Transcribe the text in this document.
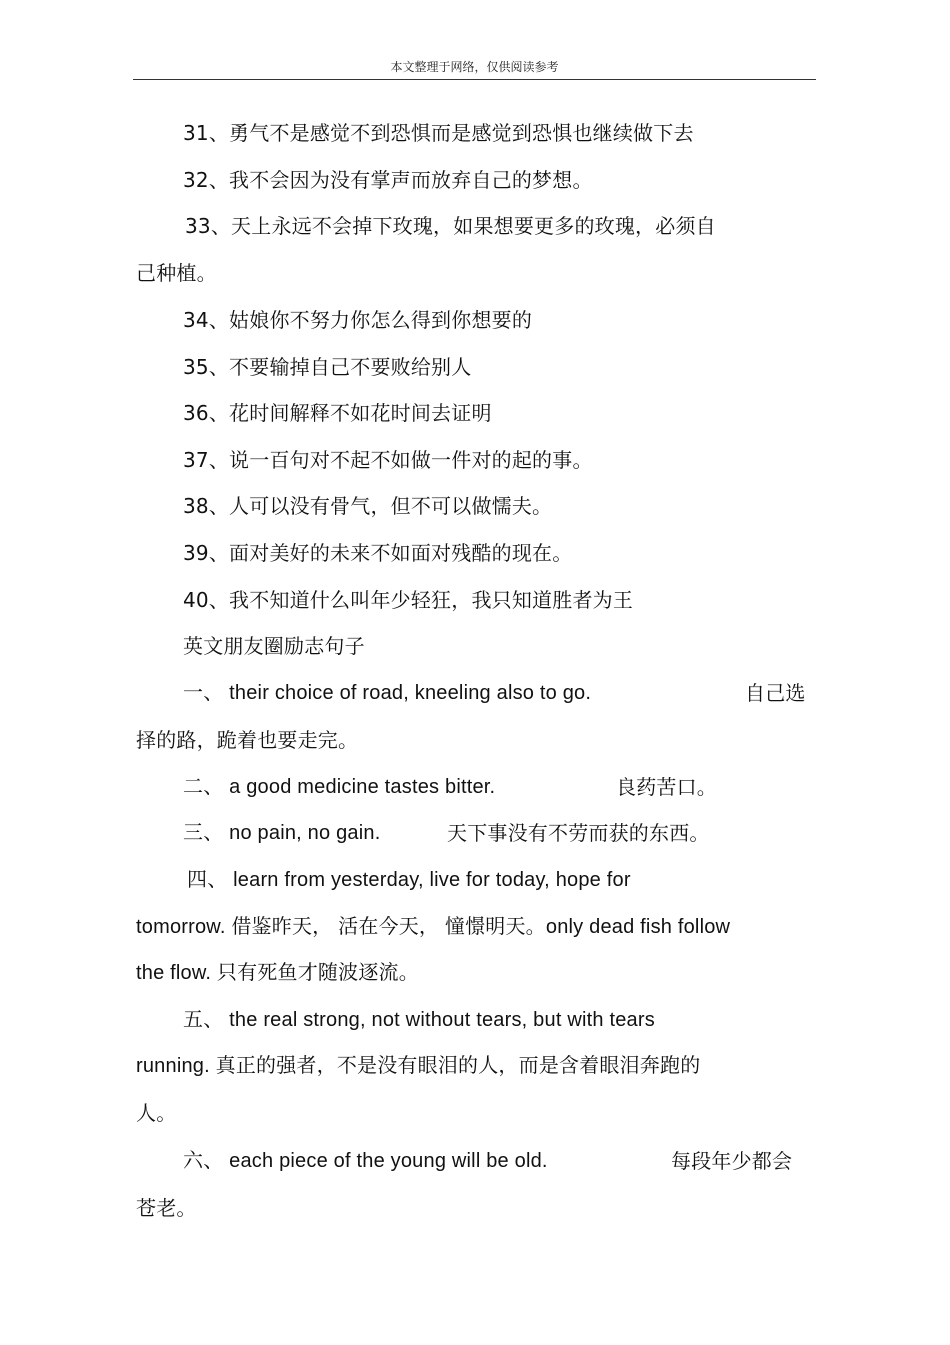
本文整理于网络，仅供阅读参考
31、勇气不是感觉不到恐惧而是感觉到恐惧也继续做下去
32、我不会因为没有掌声而放弃自己的梦想。
33、天上永远不会掉下玫瑰，如果想要更多的玫瑰，必须自
己种植。
34、姑娘你不努力你怎么得到你想要的
35、不要输掉自己不要败给别人
36、花时间解释不如花时间去证明
37、说一百句对不起不如做一件对的起的事。
38、人可以没有骨气，但不可以做懦夫。
39、面对美好的未来不如面对残酷的现在。
40、我不知道什么叫年少轻狂，我只知道胜者为王
英文朋友圈励志句子
一、 their choice of road, kneeling also to go.	自己选
择的路，跪着也要走完。
二、 a good medicine tastes bitter.	良药苦口。
三、 no pain, no gain.	天下事没有不劳而获的东西。
四、 learn from yesterday, live for today, hope for
tomorrow. 借鉴昨天， 活在今天， 憧憬明天。only dead fish follow
the flow. 只有死鱼才随波逐流。
五、 the real strong, not without tears, but with tears
running. 真正的强者，不是没有眼泪的人，而是含着眼泪奔跑的
人。
六、 each piece of the young will be old.	每段年少都会
苍老。
